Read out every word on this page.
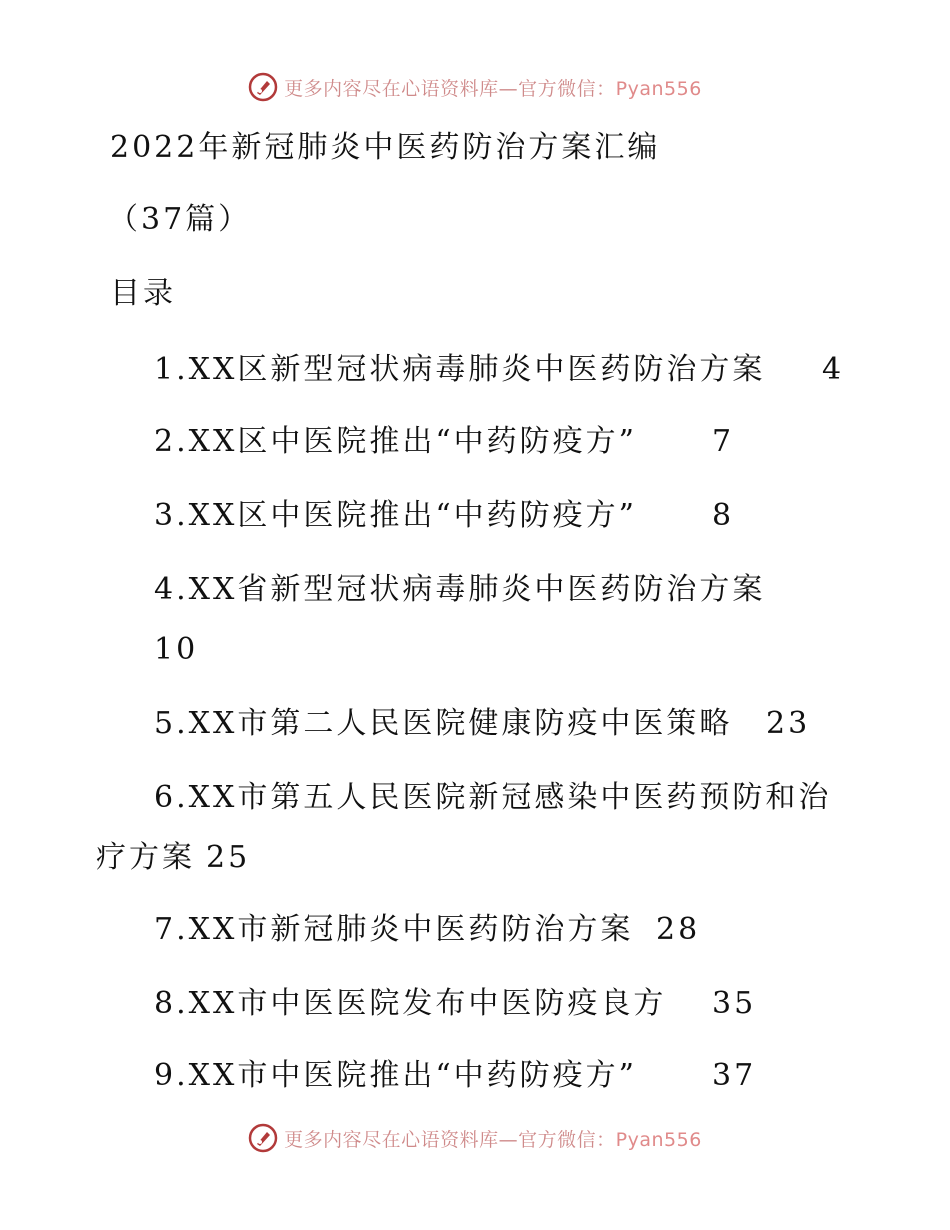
更多内容尽在心语资料库—官方微信：Pyan556
2022年新冠肺炎中医药防治方案汇编
（37篇）
目录
1.XX区新型冠状病毒肺炎中医药防治方案 4
2.XX区中医院推出“中药防疫方” 7
3.XX区中医院推出“中药防疫方” 8
4.XX省新型冠状病毒肺炎中医药防治方案
10
5.XX市第二人民医院健康防疫中医策略 23
6.XX市第五人民医院新冠感染中医药预防和治
疗方案 25
7.XX市新冠肺炎中医药防治方案 28
8.XX市中医医院发布中医防疫良方 35
9.XX市中医院推出“中药防疫方” 37
更多内容尽在心语资料库—官方微信：Pyan556
